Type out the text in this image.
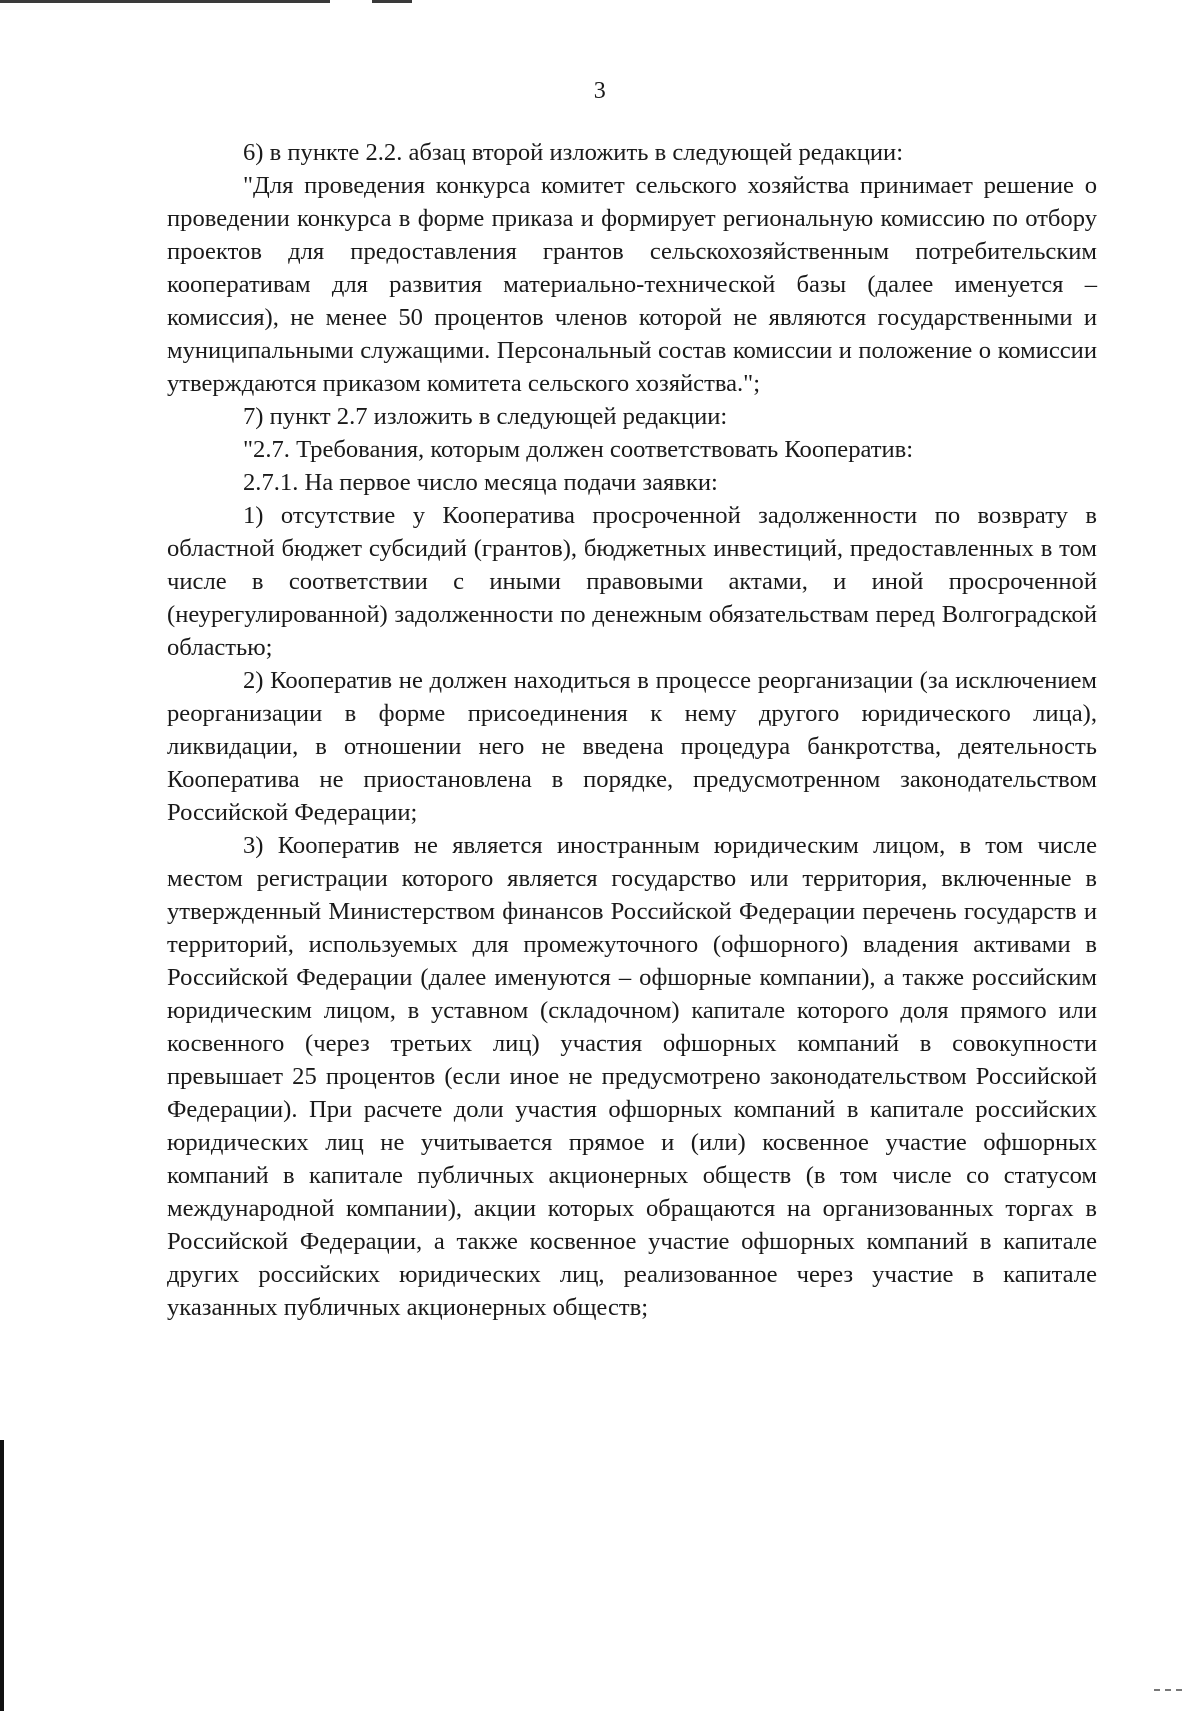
3

6) в пункте 2.2. абзац второй изложить в следующей редакции:

"Для проведения конкурса комитет сельского хозяйства принимает решение о проведении конкурса в форме приказа и формирует региональную комиссию по отбору проектов для предоставления грантов сельскохозяйственным потребительским кооперативам для развития материально-технической базы (далее именуется – комиссия), не менее 50 процентов членов которой не являются государственными и муниципальными служащими. Персональный состав комиссии и положение о комиссии утверждаются приказом комитета сельского хозяйства.";

7) пункт 2.7 изложить в следующей редакции:

"2.7. Требования, которым должен соответствовать Кооператив:

2.7.1. На первое число месяца подачи заявки:

1) отсутствие у Кооператива просроченной задолженности по возврату в областной бюджет субсидий (грантов), бюджетных инвестиций, предоставленных в том числе в соответствии с иными правовыми актами, и иной просроченной (неурегулированной) задолженности по денежным обязательствам перед Волгоградской областью;

2) Кооператив не должен находиться в процессе реорганизации (за исключением реорганизации в форме присоединения к нему другого юридического лица), ликвидации, в отношении него не введена процедура банкротства, деятельность Кооператива не приостановлена в порядке, предусмотренном законодательством Российской Федерации;

3) Кооператив не является иностранным юридическим лицом, в том числе местом регистрации которого является государство или территория, включенные в утвержденный Министерством финансов Российской Федерации перечень государств и территорий, используемых для промежуточного (офшорного) владения активами в Российской Федерации (далее именуются – офшорные компании), а также российским юридическим лицом, в уставном (складочном) капитале которого доля прямого или косвенного (через третьих лиц) участия офшорных компаний в совокупности превышает 25 процентов (если иное не предусмотрено законодательством Российской Федерации). При расчете доли участия офшорных компаний в капитале российских юридических лиц не учитывается прямое и (или) косвенное участие офшорных компаний в капитале публичных акционерных обществ (в том числе со статусом международной компании), акции которых обращаются на организованных торгах в Российской Федерации, а также косвенное участие офшорных компаний в капитале других российских юридических лиц, реализованное через участие в капитале указанных публичных акционерных обществ;
